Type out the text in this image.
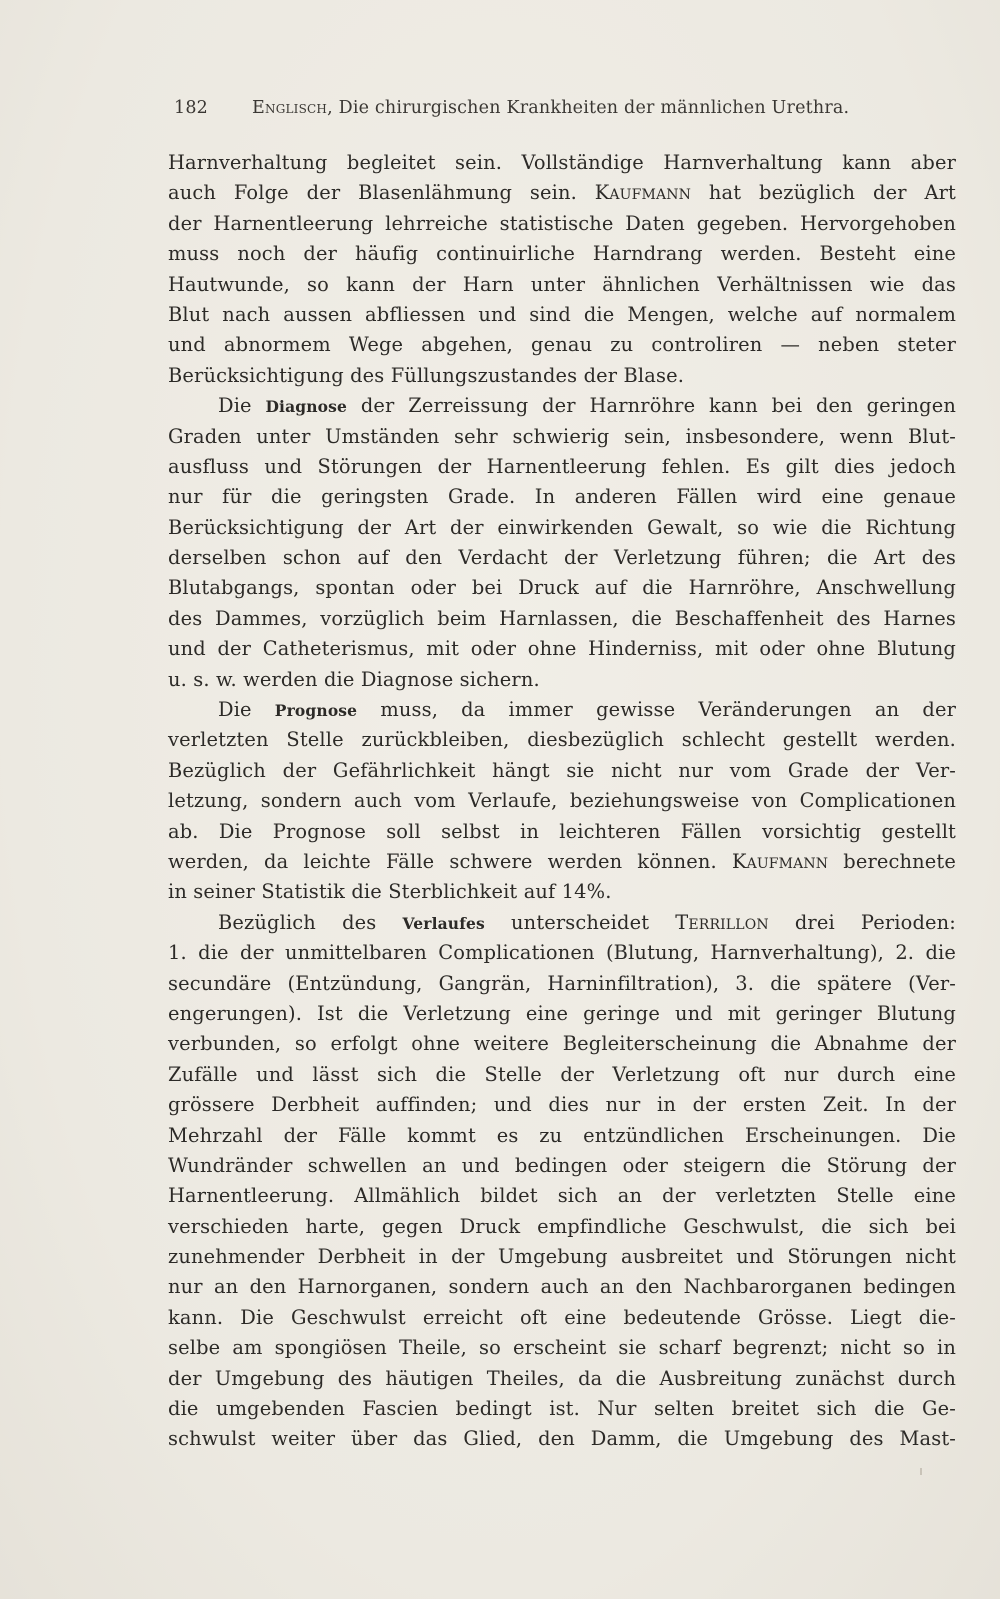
182	Englisch, Die chirurgischen Krankheiten der männlichen Urethra.
Harnverhaltung begleitet sein. Vollständige Harnverhaltung kann aber
auch Folge der Blasenlähmung sein. Kaufmann hat bezüglich der Art
der Harnentleerung lehrreiche statistische Daten gegeben. Hervorgehoben
muss noch der häufig continuirliche Harndrang werden. Besteht eine
Hautwunde, so kann der Harn unter ähnlichen Verhältnissen wie das
Blut nach aussen abfliessen und sind die Mengen, welche auf normalem
und abnormem Wege abgehen, genau zu controliren — neben steter
Berücksichtigung des Füllungszustandes der Blase.
Die Diagnose der Zerreissung der Harnröhre kann bei den geringen
Graden unter Umständen sehr schwierig sein, insbesondere, wenn Blut-
ausfluss und Störungen der Harnentleerung fehlen. Es gilt dies jedoch
nur für die geringsten Grade. In anderen Fällen wird eine genaue
Berücksichtigung der Art der einwirkenden Gewalt, so wie die Richtung
derselben schon auf den Verdacht der Verletzung führen; die Art des
Blutabgangs, spontan oder bei Druck auf die Harnröhre, Anschwellung
des Dammes, vorzüglich beim Harnlassen, die Beschaffenheit des Harnes
und der Catheterismus, mit oder ohne Hinderniss, mit oder ohne Blutung
u. s. w. werden die Diagnose sichern.
Die Prognose muss, da immer gewisse Veränderungen an der
verletzten Stelle zurückbleiben, diesbezüglich schlecht gestellt werden.
Bezüglich der Gefährlichkeit hängt sie nicht nur vom Grade der Ver-
letzung, sondern auch vom Verlaufe, beziehungsweise von Complicationen
ab. Die Prognose soll selbst in leichteren Fällen vorsichtig gestellt
werden, da leichte Fälle schwere werden können. Kaufmann berechnete
in seiner Statistik die Sterblichkeit auf 14%.
Bezüglich des Verlaufes unterscheidet Terrillon drei Perioden:
1. die der unmittelbaren Complicationen (Blutung, Harnverhaltung), 2. die
secundäre (Entzündung, Gangrän, Harninfiltration), 3. die spätere (Ver-
engerungen). Ist die Verletzung eine geringe und mit geringer Blutung
verbunden, so erfolgt ohne weitere Begleiterscheinung die Abnahme der
Zufälle und lässt sich die Stelle der Verletzung oft nur durch eine
grössere Derbheit auffinden; und dies nur in der ersten Zeit. In der
Mehrzahl der Fälle kommt es zu entzündlichen Erscheinungen. Die
Wundränder schwellen an und bedingen oder steigern die Störung der
Harnentleerung. Allmählich bildet sich an der verletzten Stelle eine
verschieden harte, gegen Druck empfindliche Geschwulst, die sich bei
zunehmender Derbheit in der Umgebung ausbreitet und Störungen nicht
nur an den Harnorganen, sondern auch an den Nachbarorganen bedingen
kann. Die Geschwulst erreicht oft eine bedeutende Grösse. Liegt die-
selbe am spongiösen Theile, so erscheint sie scharf begrenzt; nicht so in
der Umgebung des häutigen Theiles, da die Ausbreitung zunächst durch
die umgebenden Fascien bedingt ist. Nur selten breitet sich die Ge-
schwulst weiter über das Glied, den Damm, die Umgebung des Mast-
